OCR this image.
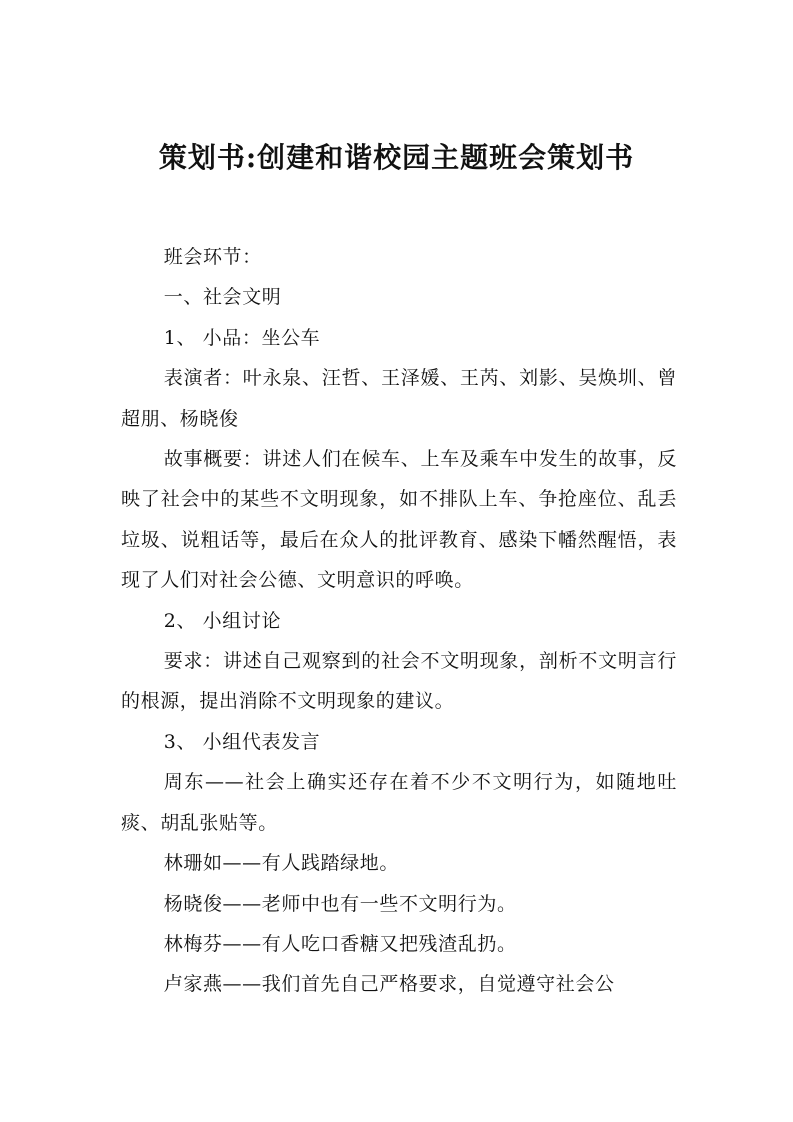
策划书:创建和谐校园主题班会策划书

班会环节：

一、社会文明

1、 小品：坐公车

表演者：叶永泉、汪哲、王泽媛、王芮、刘影、吴焕圳、曾超朋、杨晓俊

故事概要：讲述人们在候车、上车及乘车中发生的故事，反映了社会中的某些不文明现象，如不排队上车、争抢座位、乱丢垃圾、说粗话等，最后在众人的批评教育、感染下幡然醒悟，表现了人们对社会公德、文明意识的呼唤。

2、 小组讨论

要求：讲述自己观察到的社会不文明现象，剖析不文明言行的根源，提出消除不文明现象的建议。

3、 小组代表发言

周东——社会上确实还存在着不少不文明行为，如随地吐痰、胡乱张贴等。

林珊如——有人践踏绿地。

杨晓俊——老师中也有一些不文明行为。

林梅芬——有人吃口香糖又把残渣乱扔。

卢家燕——我们首先自己严格要求，自觉遵守社会公
